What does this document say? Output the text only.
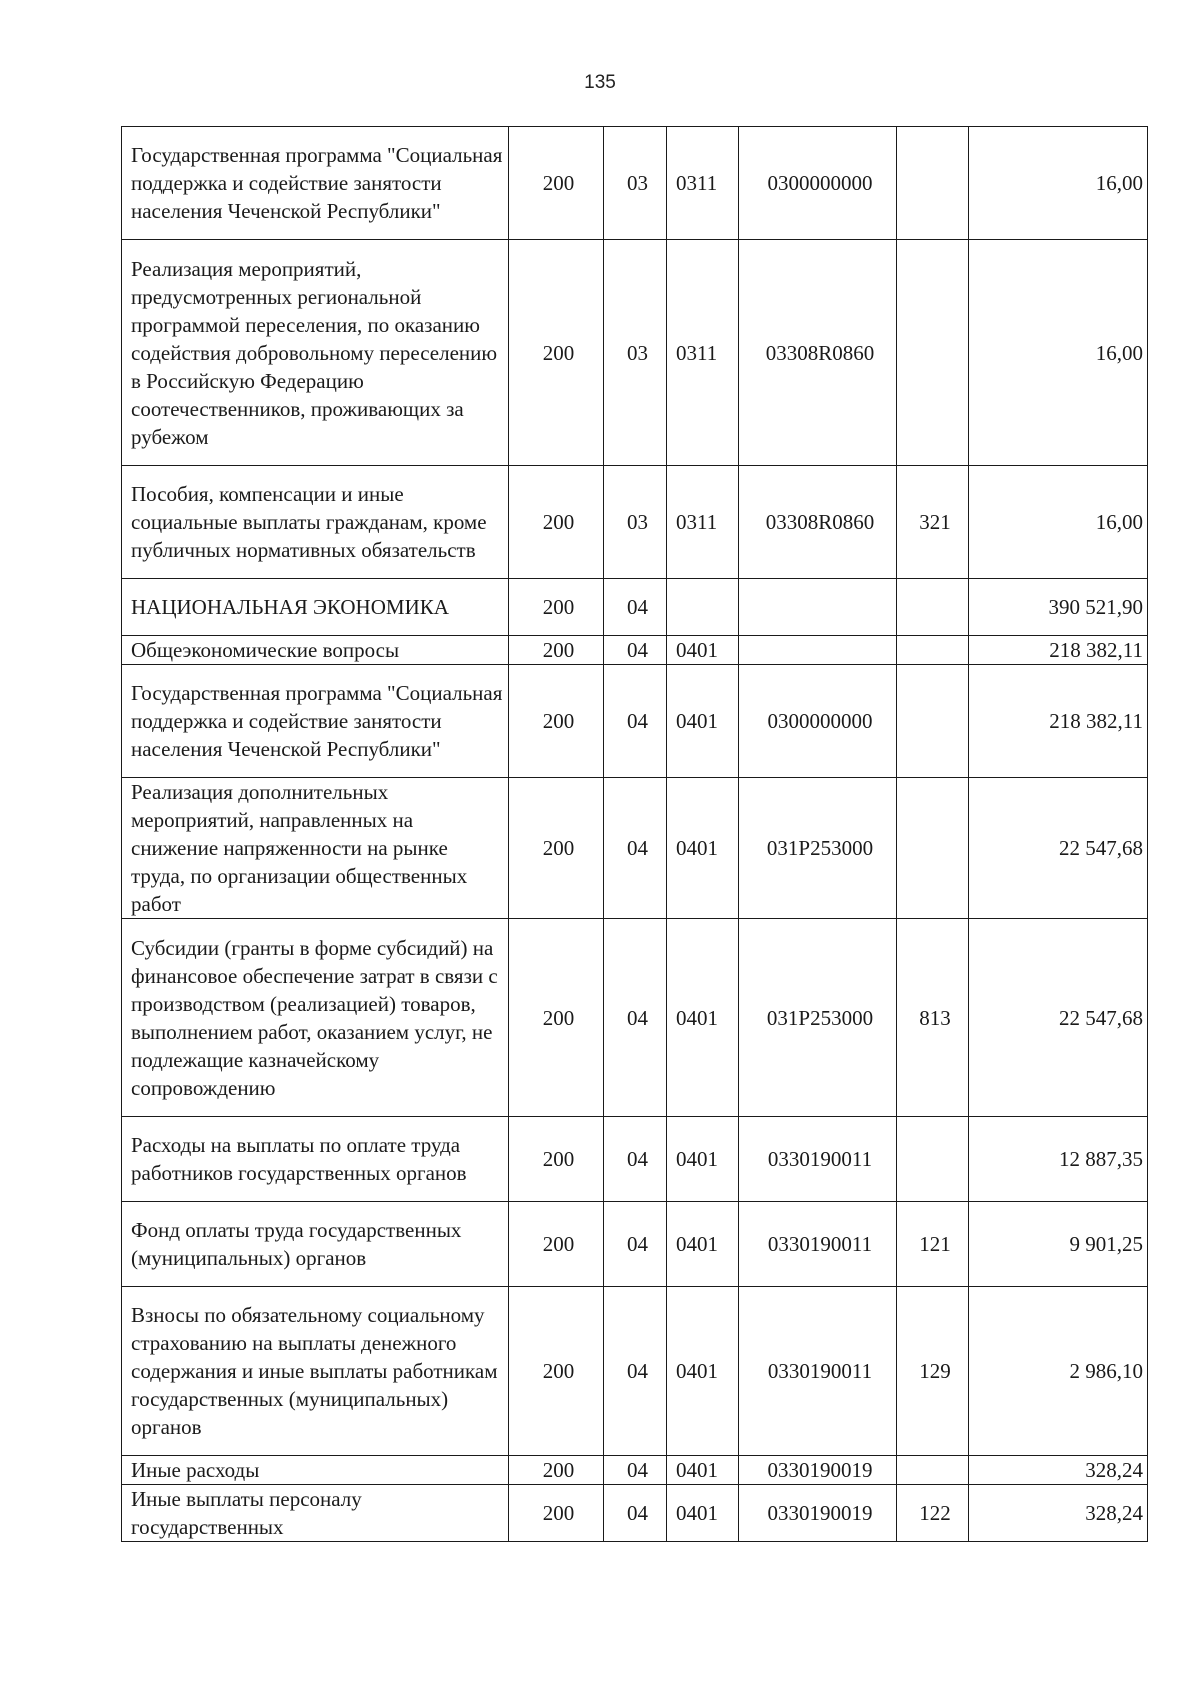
135
Государственная программа "Социальная поддержка и содействие занятости населения Чеченской Республики"	200	03	0311	0300000000		16,00
Реализация мероприятий, предусмотренных региональной программой переселения, по оказанию содействия добровольному переселению в Российскую Федерацию соотечественников, проживающих за рубежом	200	03	0311	03308R0860		16,00
Пособия, компенсации и иные социальные выплаты гражданам, кроме публичных нормативных обязательств	200	03	0311	03308R0860	321	16,00
НАЦИОНАЛЬНАЯ ЭКОНОМИКА	200	04				390 521,90
Общеэкономические вопросы	200	04	0401			218 382,11
Государственная программа "Социальная поддержка и содействие занятости населения Чеченской Республики"	200	04	0401	0300000000		218 382,11
Реализация дополнительных мероприятий, направленных на снижение напряженности на рынке труда, по организации общественных работ	200	04	0401	031P253000		22 547,68
Субсидии (гранты в форме субсидий) на финансовое обеспечение затрат в связи с производством (реализацией) товаров, выполнением работ, оказанием услуг, не подлежащие казначейскому сопровождению	200	04	0401	031P253000	813	22 547,68
Расходы на выплаты по оплате труда работников государственных органов	200	04	0401	0330190011		12 887,35
Фонд оплаты труда государственных (муниципальных) органов	200	04	0401	0330190011	121	9 901,25
Взносы по обязательному социальному страхованию на выплаты денежного содержания и иные выплаты работникам государственных (муниципальных) органов	200	04	0401	0330190011	129	2 986,10
Иные расходы	200	04	0401	0330190019		328,24
Иные выплаты персоналу государственных	200	04	0401	0330190019	122	328,24
